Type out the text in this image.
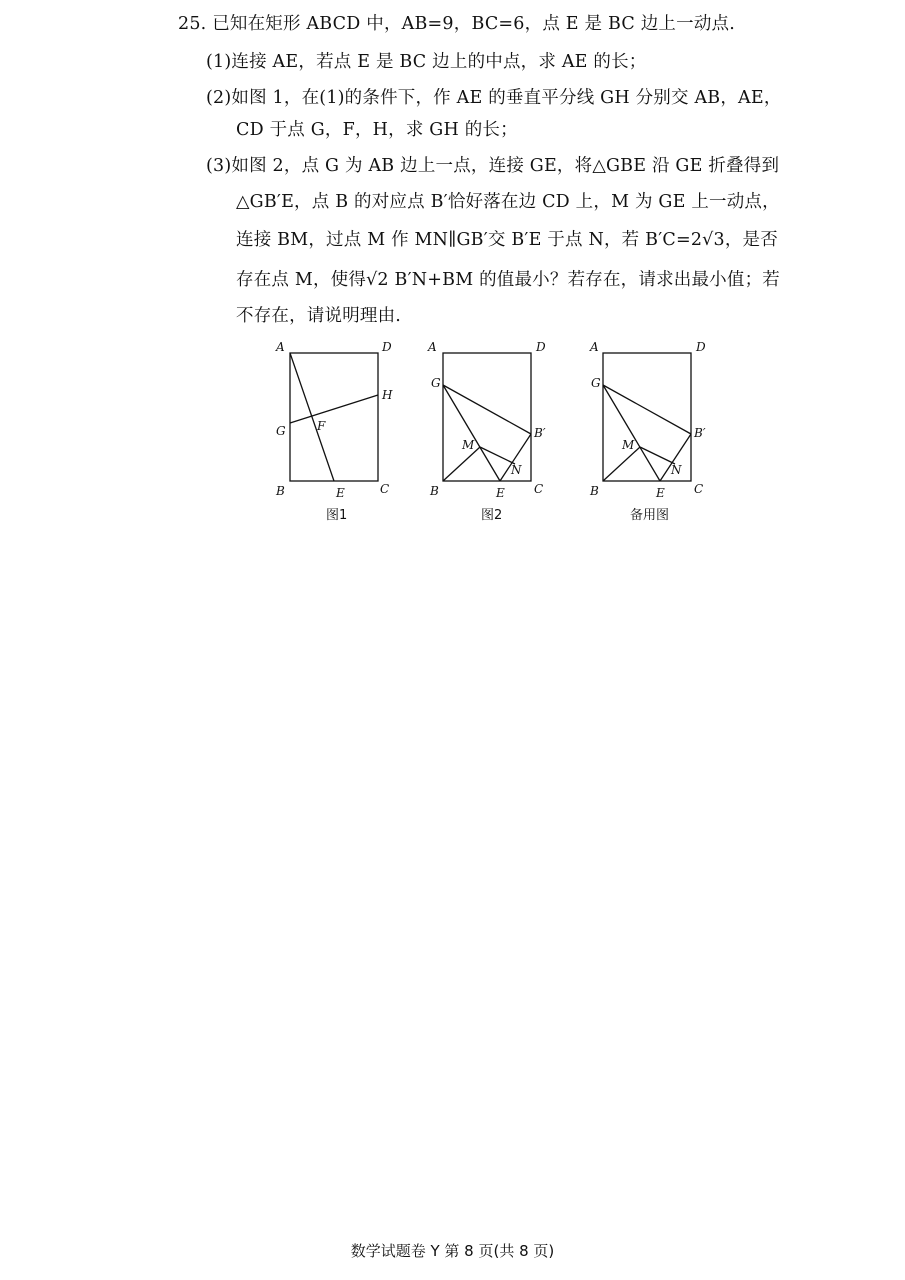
25. 已知在矩形 ABCD 中，AB=9，BC=6，点 E 是 BC 边上一动点.
(1)连接 AE，若点 E 是 BC 边上的中点，求 AE 的长；
(2)如图 1，在(1)的条件下，作 AE 的垂直平分线 GH 分别交 AB，AE，
CD 于点 G，F，H，求 GH 的长；
(3)如图 2，点 G 为 AB 边上一点，连接 GE，将△GBE 沿 GE 折叠得到
△GB′E，点 B 的对应点 B′恰好落在边 CD 上，M 为 GE 上一动点，
连接 BM，过点 M 作 MN∥GB′交 B′E 于点 N，若 B′C=2√3，是否
存在点 M，使得√2 B′N+BM 的值最小？若存在，请求出最小值；若
不存在，请说明理由.
A	D
H
G	F
B	E	C
图1
A	D
G
B′
M
N
B	E C
图2
A	D
G
B′
M
N
B	E C
备用图
数学试题卷 Y 第 8 页(共 8 页)
